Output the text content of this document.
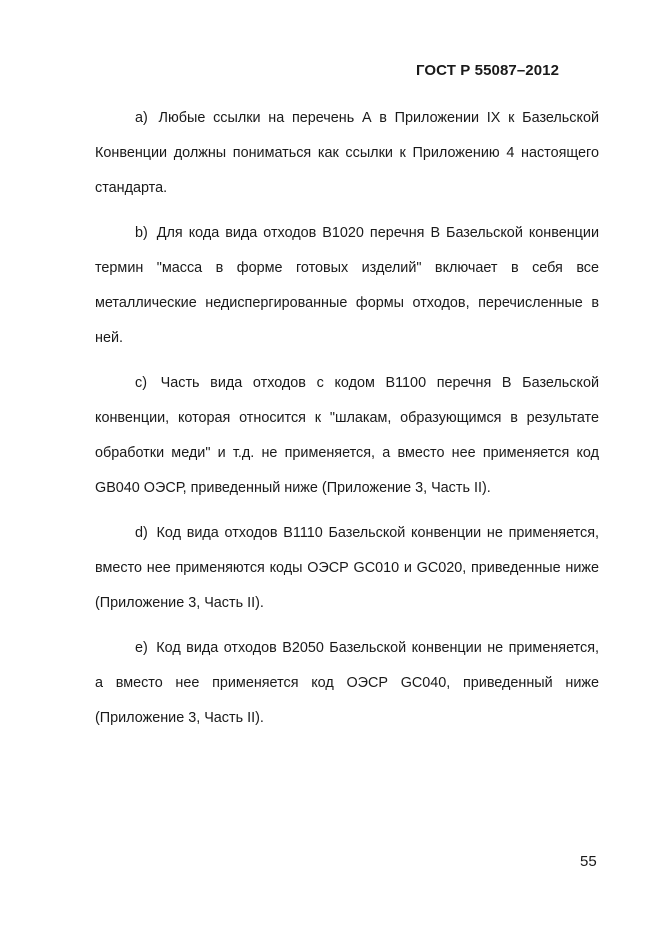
ГОСТ Р 55087–2012

a) Любые ссылки на перечень А в Приложении IX к Базельской Конвенции должны пониматься как ссылки к Приложению 4 настоящего стандарта.

b) Для кода вида отходов В1020 перечня В Базельской конвенции термин "масса в форме готовых изделий" включает в себя все металлические недиспергированные формы отходов, перечисленные в ней.

c) Часть вида отходов с кодом В1100 перечня В Базельской конвенции, которая относится к "шлакам, образующимся в результате обработки меди" и т.д. не применяется, а вместо нее применяется код GB040 ОЭСР, приведенный ниже (Приложение 3, Часть II).

d) Код вида отходов В1110 Базельской конвенции не применяется, вместо нее применяются коды ОЭСР GC010 и GC020, приведенные ниже (Приложение 3, Часть II).

e) Код вида отходов В2050 Базельской конвенции не применяется, а вместо нее применяется код ОЭСР GC040, приведенный ниже (Приложение 3, Часть II).

55
